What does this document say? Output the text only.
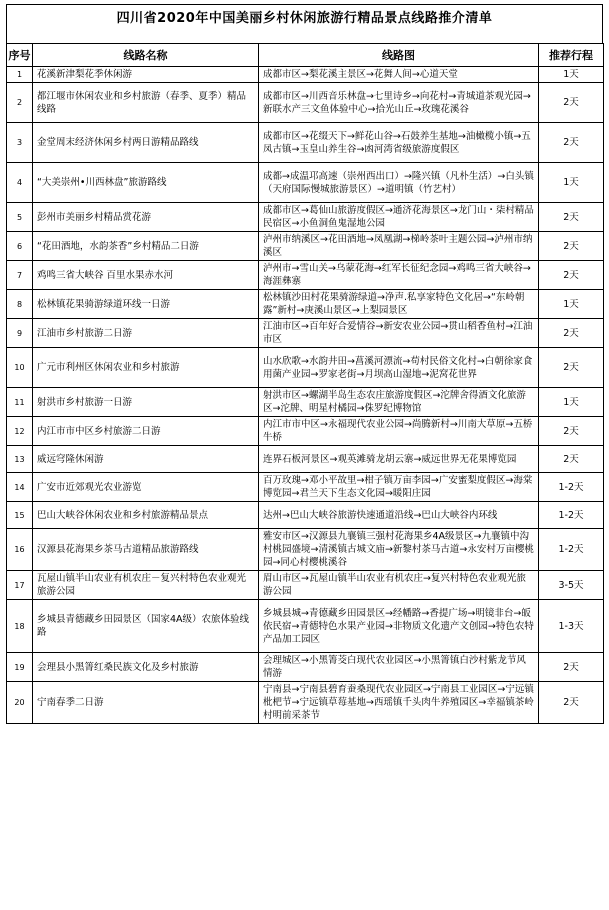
四川省2020年中国美丽乡村休闲旅游行精品景点线路推介清单
序号	线路名称	线路图	推荐行程
1	花溪新津梨花季休闲游	成都市区→梨花溪主景区→花舞人间→心道天堂	1天
2	都江堰市休闲农业和乡村旅游（春季、夏季）精品线路	成都市区→川西音乐林盘→七里诗乡→向花村→青城道茶观光园→新联水产三文鱼体验中心→拾光山丘→玫瑰花溪谷	2天
3	金堂周末经济休闲乡村两日游精品路线	成都市区→花缀天下→鲜花山谷→石鼓养生基地→油橄榄小镇→五凤古镇→玉皇山养生谷→凼河湾省级旅游度假区	2天
4	“大美崇州•川西林盘”旅游路线	成都→成温邛高速（崇州西出口）→隆兴镇（凡朴生活）→白头镇（天府国际慢城旅游景区）→道明镇（竹艺村）	1天
5	彭州市美丽乡村精品赏花游	成都市区→葛仙山旅游度假区→通济花海景区→龙门山・柒村精品民宿区→小鱼洞鱼鬼湿地公园	2天
6	“花田酒地，水韵茶香”乡村精品二日游	泸州市纳溪区→花田酒地→凤凰湖→梯岭茶叶主题公园→泸州市纳溪区	2天
7	鸡鸣三省大峡谷 百里水果赤水河	泸州市→雪山关→乌蒙花海→红军长征纪念园→鸡鸣三省大峡谷→海涯彝寨	2天
8	松林镇花果骑游绿道环线一日游	松林镇沙田村花果骑游绿道→净声.私享家特色文化居→“东岭朝露”新村→庚溪山景区→上梨园景区	1天
9	江油市乡村旅游二日游	江油市区→百年好合爱情谷→新安农业公园→贯山稻香鱼村→江油市区	2天
10	广元市利州区休闲农业和乡村旅游	山水欣歌→水韵井田→菖溪河漂流→苟村民俗文化村→白朝徐家食用菌产业园→罗家老街→月坝高山湿地→泥窝花世界	2天
11	射洪市乡村旅游一日游	射洪市区→螺湖半岛生态农庄旅游度假区→沱牌舍得酒文化旅游区→沱牌、明星村橘园→侏罗纪博物馆	1天
12	内江市市中区乡村旅游二日游	内江市市中区→永福现代农业公园→尚腾新村→川南大草原→五桥牛桥	2天
13	威远穹隆休闲游	连界石板河景区→观英滩骑龙胡云寨→威远世界无花果博览园	2天
14	广安市近郊观光农业游览	百万玫瑰→邓小平故里→柑子镇万亩李园→广安蜜梨度假区→海棠博览园→君兰天下生态文化园→暖阳庄园	1-2天
15	巴山大峡谷休闲农业和乡村旅游精品景点	达州→巴山大峡谷旅游快速通道沿线→巴山大峡谷内环线	1-2天
16	汉源县花海果乡茶马古道精品旅游路线	雅安市区→汉源县九襄镇三强村花海果乡4A级景区→九襄镇中沟村桃园盛境→清溪镇古城文庙→新黎村茶马古道→永安村万亩樱桃园→同心村樱桃溪谷	1-2天
17	瓦屋山镇半山农业有机农庄－复兴村特色农业观光旅游公园	眉山市区→瓦屋山镇半山农业有机农庄→复兴村特色农业观光旅游公园	3-5天
18	乡城县青德藏乡田园景区（国家4A级）农旅体验线路	乡城县城→青德藏乡田园景区→经幡路→香提广场→明镜非台→皈依民宿→青德特色水果产业园→非物质文化遗产文创园→特色农特产品加工园区	1-3天
19	会理县小黑箐红桑民族文化及乡村旅游	会理城区→小黑箐茭白现代农业园区→小黑箐镇白沙村紫龙节风情游	2天
20	宁南春季二日游	宁南县→宁南县碧育蚕桑现代农业园区→宁南县工业园区→宁远镇枇杷节→宁远镇草莓基地→西瑶镇千头肉牛养殖园区→幸福镇茶岭村明前采茶节	2天
